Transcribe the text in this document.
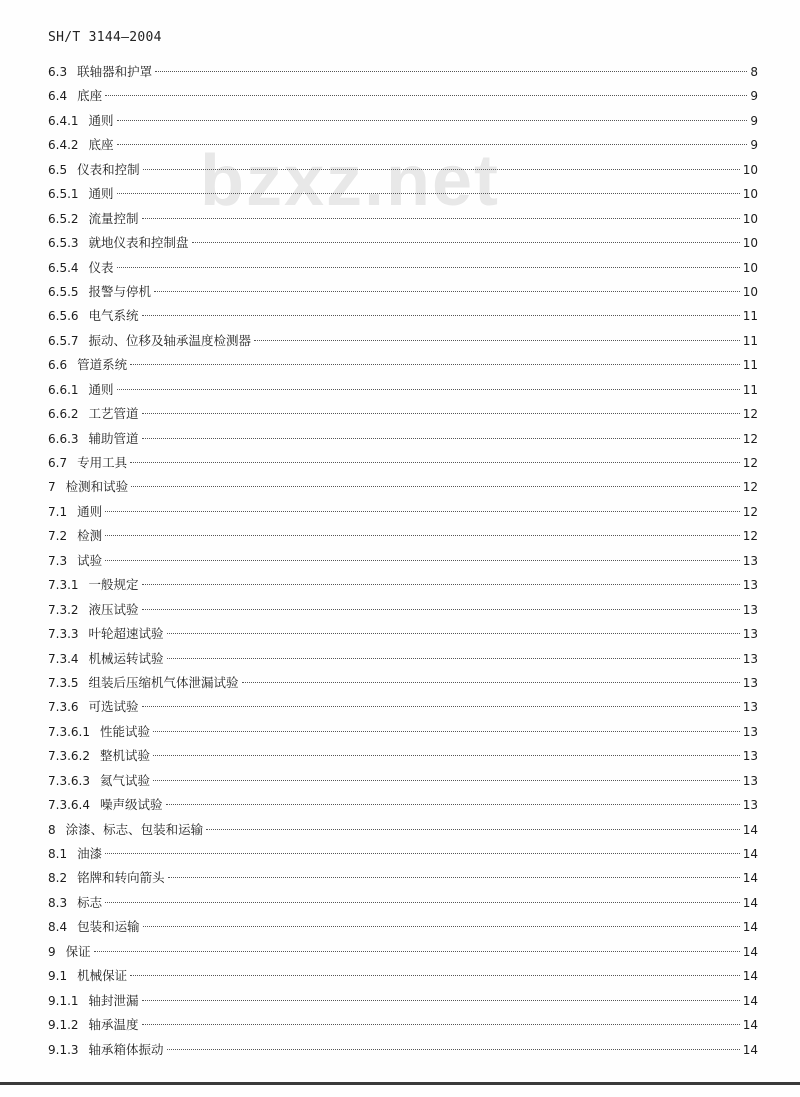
SH/T 3144—2004
bzxz.net
6.3 联轴器和护罩	8
6.4 底座	9
6.4.1 通则	9
6.4.2 底座	9
6.5 仪表和控制	10
6.5.1 通则	10
6.5.2 流量控制	10
6.5.3 就地仪表和控制盘	10
6.5.4 仪表	10
6.5.5 报警与停机	10
6.5.6 电气系统	11
6.5.7 振动、位移及轴承温度检测器	11
6.6 管道系统	11
6.6.1 通则	11
6.6.2 工艺管道	12
6.6.3 辅助管道	12
6.7 专用工具	12
7 检测和试验	12
7.1 通则	12
7.2 检测	12
7.3 试验	13
7.3.1 一般规定	13
7.3.2 液压试验	13
7.3.3 叶轮超速试验	13
7.3.4 机械运转试验	13
7.3.5 组装后压缩机气体泄漏试验	13
7.3.6 可选试验	13
7.3.6.1 性能试验	13
7.3.6.2 整机试验	13
7.3.6.3 氦气试验	13
7.3.6.4 噪声级试验	13
8 涂漆、标志、包装和运输	14
8.1 油漆	14
8.2 铭牌和转向箭头	14
8.3 标志	14
8.4 包装和运输	14
9 保证	14
9.1 机械保证	14
9.1.1 轴封泄漏	14
9.1.2 轴承温度	14
9.1.3 轴承箱体振动	14
